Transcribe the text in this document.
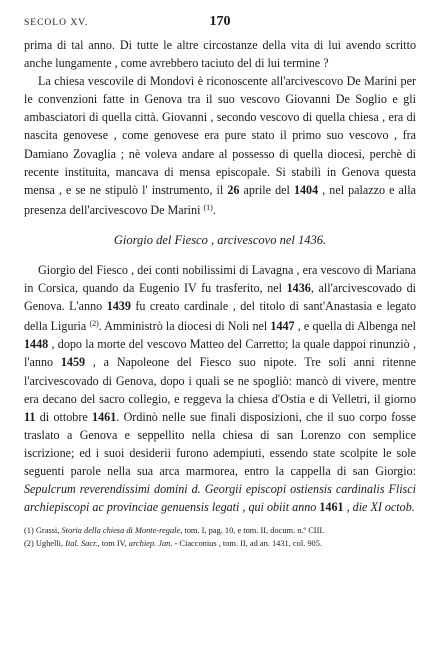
SECOLO XV.	170

prima di tal anno. Di tutte le altre circostanze della vita di lui avendo scritto anche lungamente , come avrebbero taciuto del di lui termine ?

La chiesa vescovile di Mondovì è riconoscente all'arcivescovo De Marini per le convenzioni fatte in Genova tra il suo vescovo Giovanni De Soglio e gli ambasciatori di quella città. Giovanni , secondo vescovo di quella chiesa , era di nascita genovese , come genovese era pure stato il primo suo vescovo , fra Damiano Zovaglia ; nè voleva andare al possesso di quella diocesi, perchè di recente instituita, mancava di mensa episcopale. Si stabilì in Genova questa mensa , e se ne stipulò l' instrumento, il 26 aprile del 1404 , nel palazzo e alla presenza dell'arcivescovo De Marini $^{(1)}$.

Giorgio del Fiesco , arcivescovo nel 1436.

Giorgio del Fiesco , dei conti nobilissimi di Lavagna , era vescovo di Mariana in Corsica, quando da Eugenio IV fu trasferito, nel 1436, all'arcivescovado di Genova. L'anno 1439 fu creato cardinale , del titolo di sant'Anastasia e legato della Liguria $^{(2)}$. Amministrò la diocesi di Noli nel 1447 , e quella di Albenga nel 1448 , dopo la morte del vescovo Matteo del Carretto; la quale dappoi rinunziò , l'anno 1459 , a Napoleone del Fiesco suo nipote. Tre soli anni ritenne l'arcivescovado di Genova, dopo i quali se ne spogliò: mancò di vivere, mentre era decano del sacro collegio, e reggeva la chiesa d'Ostia e di Velletri, il giorno 11 di ottobre 1461. Ordinò nelle sue finali disposizioni, che il suo corpo fosse traslato a Genova e seppellito nella chiesa di san Lorenzo con semplice iscrizione; ed i suoi desiderii furono adempiuti, essendo state scolpite le sole seguenti parole nella sua arca marmorea, entro la cappella di san Giorgio: Sepulcrum reverendissimi domini d. Georgii episcopi ostiensis cardinalis Flisci archiepiscopi ac provinciae genuensis legati , qui obiit anno 1461 , die XI octob.

(1) Grassi, Storia della chiesa di Monte-regale, tom. I, pag. 10, e tom. II, docum. n.º CIII.
(2) Ughelli, Ital. Sacr., tom IV, archiep. Jan. - Ciacconius , tom. II, ad an. 1431, col. 905.
